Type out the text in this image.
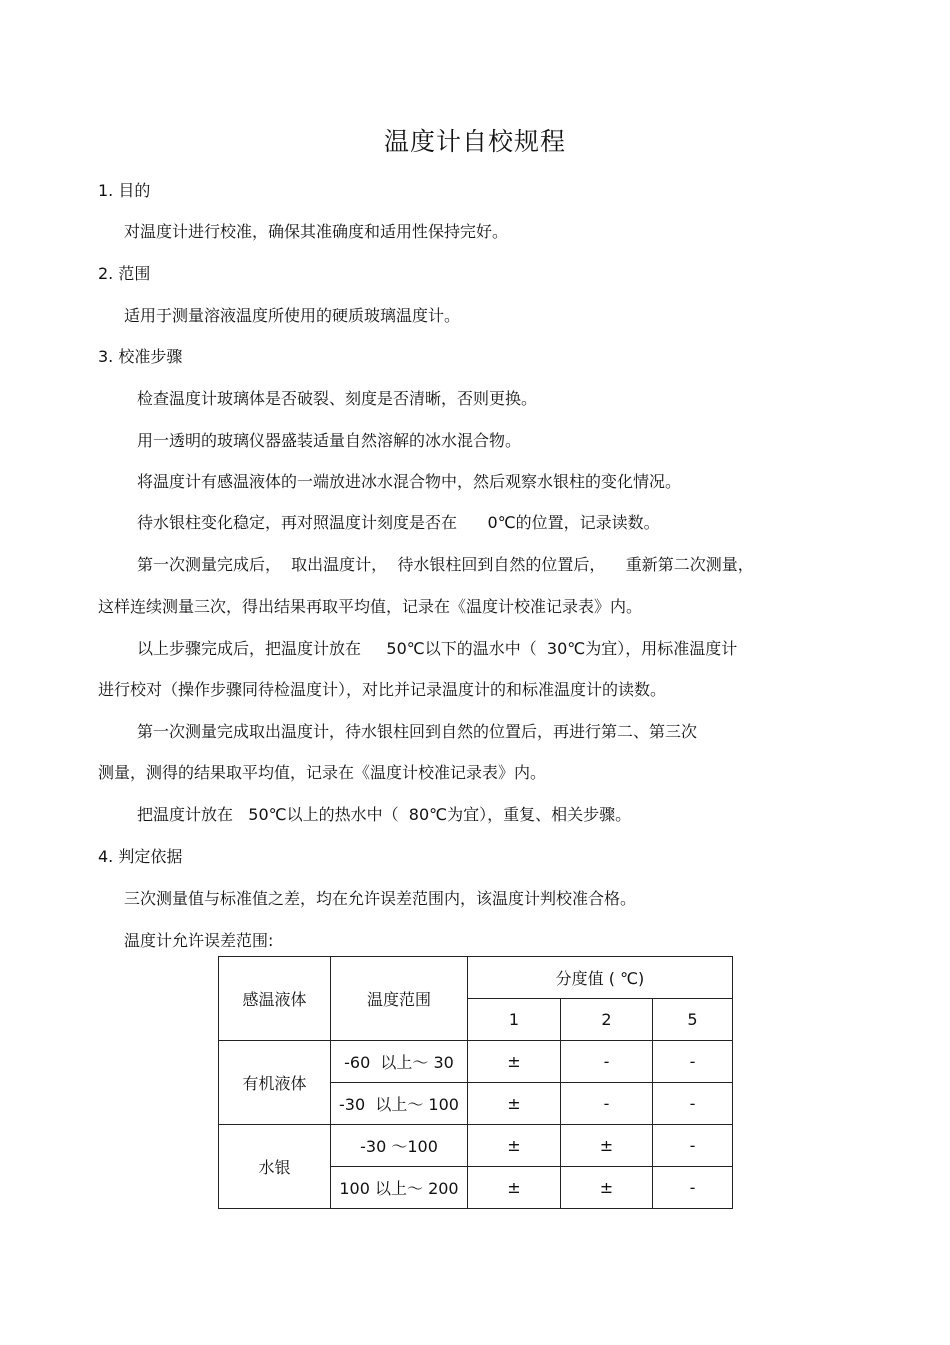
温度计自校规程
1. 目的
对温度计进行校准，确保其准确度和适用性保持完好。
2. 范围
适用于测量溶液温度所使用的硬质玻璃温度计。
3. 校准步骤
检查温度计玻璃体是否破裂、刻度是否清晰，否则更换。
用一透明的玻璃仪器盛装适量自然溶解的冰水混合物。
将温度计有感温液体的一端放进冰水混合物中，然后观察水银柱的变化情况。
待水银柱变化稳定，再对照温度计刻度是否在      0℃的位置，记录读数。
第一次测量完成后，  取出温度计，  待水银柱回到自然的位置后，    重新第二次测量，
这样连续测量三次，得出结果再取平均值，记录在《温度计校准记录表》内。
以上步骤完成后，把温度计放在     50℃以下的温水中（  30℃为宜），用标准温度计
进行校对（操作步骤同待检温度计），对比并记录温度计的和标准温度计的读数。
第一次测量完成取出温度计，待水银柱回到自然的位置后，再进行第二、第三次
测量，测得的结果取平均值，记录在《温度计校准记录表》内。
把温度计放在   50℃以上的热水中（  80℃为宜），重复、相关步骤。
4. 判定依据
三次测量值与标准值之差，均在允许误差范围内，该温度计判校准合格。
温度计允许误差范围:
感温液体	温度范围	分度值 ( ℃)		
		1	2	5
有机液体	-60  以上～ 30	±	-	-
	-30  以上～ 100	±	-	-
水银	-30 ～100	±	±	-
	100 以上～ 200	±	±	-
